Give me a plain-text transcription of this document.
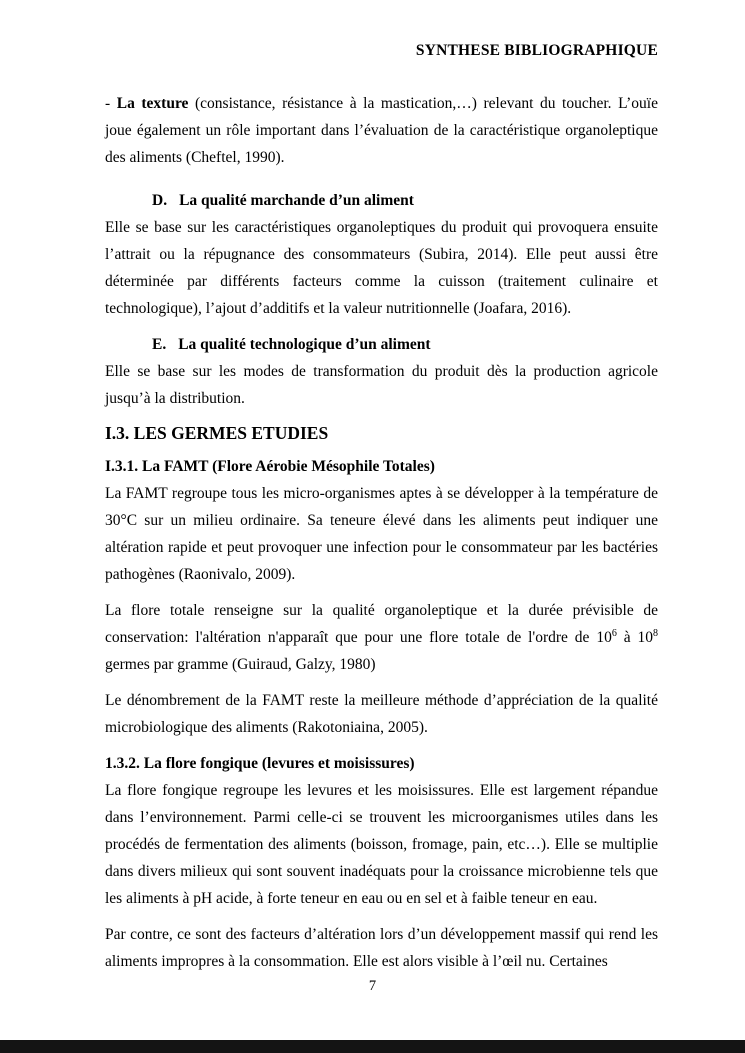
SYNTHESE BIBLIOGRAPHIQUE

- La texture (consistance, résistance à la mastication,…) relevant du toucher. L’ouïe joue également un rôle important dans l’évaluation de la caractéristique organoleptique des aliments (Cheftel, 1990).

D. La qualité marchande d’un aliment

Elle se base sur les caractéristiques organoleptiques du produit qui provoquera ensuite l’attrait ou la répugnance des consommateurs (Subira, 2014). Elle peut aussi être déterminée par différents facteurs comme la cuisson (traitement culinaire et technologique), l’ajout d’additifs et la valeur nutritionnelle (Joafara, 2016).

E. La qualité technologique d’un aliment

Elle se base sur les modes de transformation du produit dès la production agricole jusqu’à la distribution.

I.3. LES GERMES ETUDIES
I.3.1. La FAMT (Flore Aérobie Mésophile Totales)

La FAMT regroupe tous les micro-organismes aptes à se développer à la température de 30°C sur un milieu ordinaire. Sa teneure élevé dans les aliments peut indiquer une altération rapide et peut provoquer une infection pour le consommateur par les bactéries pathogènes (Raonivalo, 2009).

La flore totale renseigne sur la qualité organoleptique et la durée prévisible de conservation: l'altération n'apparaît que pour une flore totale de l'ordre de $10^6$ à $10^8$ germes par gramme (Guiraud, Galzy, 1980)

Le dénombrement de la FAMT reste la meilleure méthode d’appréciation de la qualité microbiologique des aliments (Rakotoniaina, 2005).

1.3.2. La flore fongique (levures et moisissures)

La flore fongique regroupe les levures et les moisissures. Elle est largement répandue dans l’environnement. Parmi celle-ci se trouvent les microorganismes utiles dans les procédés de fermentation des aliments (boisson, fromage, pain, etc…). Elle se multiplie dans divers milieux qui sont souvent inadéquats pour la croissance microbienne tels que les aliments à pH acide, à forte teneur en eau ou en sel et à faible teneur en eau.

Par contre, ce sont des facteurs d’altération lors d’un développement massif qui rend les aliments impropres à la consommation. Elle est alors visible à l’œil nu. Certaines

7
